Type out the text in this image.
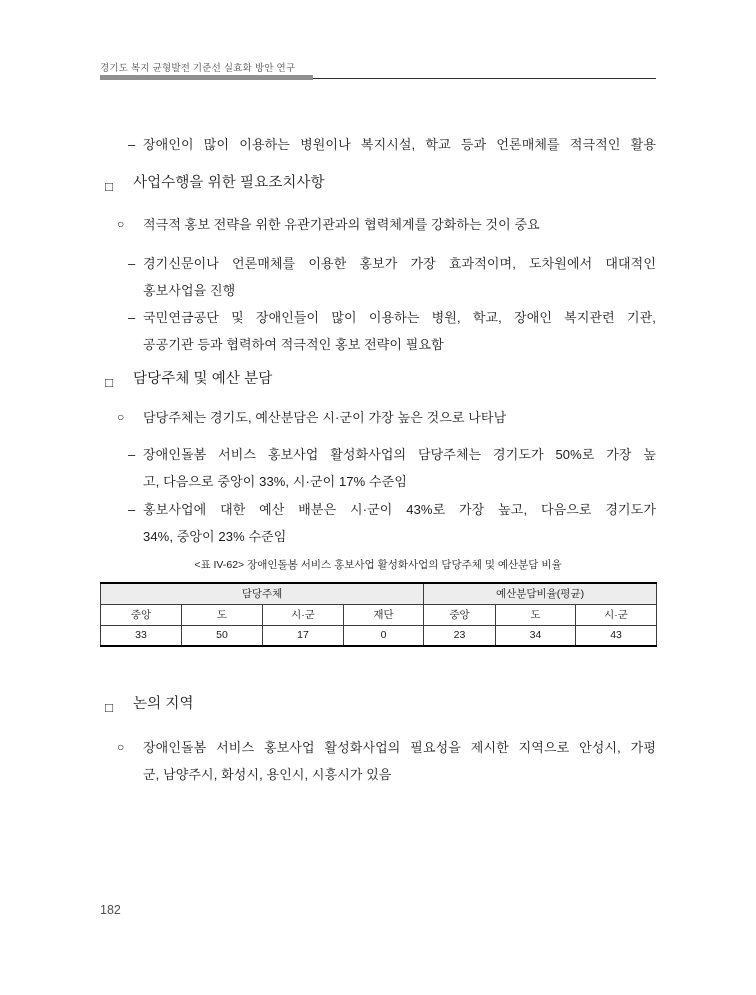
경기도 복지 균형발전 기준선 실효화 방안 연구
– 장애인이 많이 이용하는 병원이나 복지시설, 학교 등과 언론매체를 적극적인 활용
□	사업수행을 위한 필요조치사항
○	적극적 홍보 전략을 위한 유관기관과의 협력체계를 강화하는 것이 중요
– 경기신문이나 언론매체를 이용한 홍보가 가장 효과적이며, 도차원에서 대대적인
홍보사업을 진행
– 국민연금공단 및 장애인들이 많이 이용하는 병원, 학교, 장애인 복지관련 기관,
공공기관 등과 협력하여 적극적인 홍보 전략이 필요함
□	담당주체 및 예산 분담
○	담당주체는 경기도, 예산분담은 시·군이 가장 높은 것으로 나타남
– 장애인돌봄 서비스 홍보사업 활성화사업의 담당주체는 경기도가 50%로 가장 높
고, 다음으로 중앙이 33%, 시·군이 17% 수준임
– 홍보사업에 대한 예산 배분은 시·군이 43%로 가장 높고, 다음으로 경기도가
34%, 중앙이 23% 수준임
<표 IV-62> 장애인돌봄 서비스 홍보사업 활성화사업의 담당주체 및 예산분담 비율
담당주체				예산분담비율(평균)		
중앙	도	시·군	재단	중앙	도	시·군
33	50	17	0	23	34	43
□	논의 지역
○	장애인돌봄 서비스 홍보사업 활성화사업의 필요성을 제시한 지역으로 안성시, 가평
군, 남양주시, 화성시, 용인시, 시흥시가 있음
182
